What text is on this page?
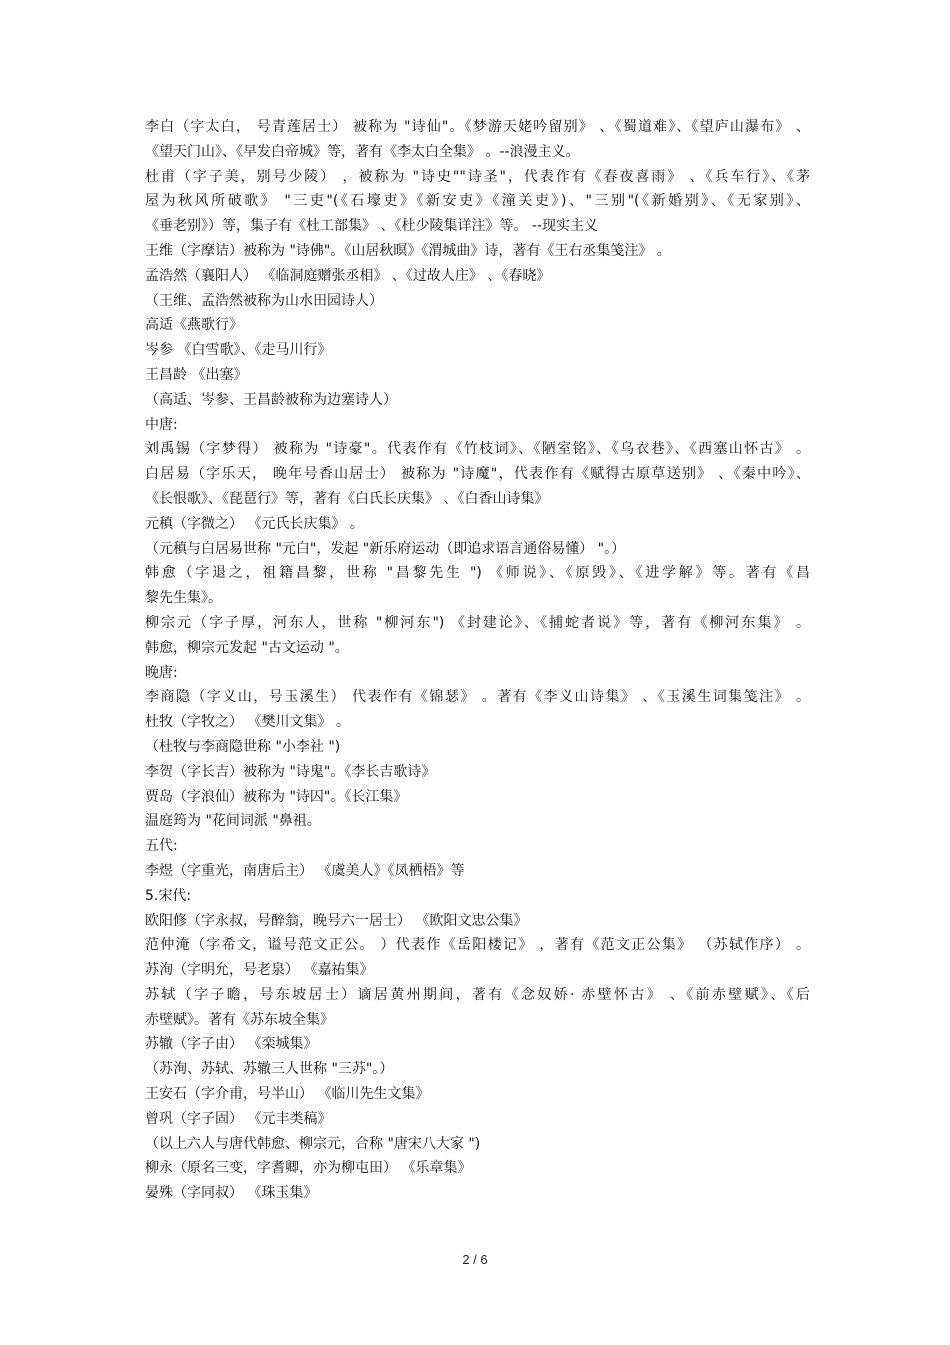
李白（字太白， 号青莲居士） 被称为 "诗仙"。《梦游天姥吟留别》 、《蜀道难》、《望庐山瀑布》 、
《望天门山》、《早发白帝城》等，著有《李太白全集》 。--浪漫主义。
杜甫（字子美，别号少陵） ，被称为 "诗史""诗圣"，代表作有《春夜喜雨》 、《兵车行》、《茅
屋为秋风所破歌》 "三吏"(《石壕吏》《新安吏》《潼关吏》)、"三别"(《新婚别》、《无家别》、
《垂老别》）等，集子有《杜工部集》 、《杜少陵集详注》等。 --现实主义
王维（字摩诘）被称为 "诗佛"。《山居秋暝》《渭城曲》诗，著有《王右丞集笺注》 。
孟浩然（襄阳人） 《临洞庭赠张丞相》 、《过故人庄》 、《春晓》
（王维、孟浩然被称为山水田园诗人）
高适《燕歌行》
岑参 《白雪歌》、《走马川行》
王昌龄 《出塞》
（高适、岑参、王昌龄被称为边塞诗人）
中唐:
刘禹锡（字梦得） 被称为 "诗豪"。代表作有《竹枝词》、《陋室铭》、《乌衣巷》、《西塞山怀古》 。
白居易（字乐天， 晚年号香山居士） 被称为 "诗魔"，代表作有《赋得古原草送别》 、《秦中吟》、
《长恨歌》、《琵琶行》等，著有《白氏长庆集》 、《白香山诗集》
元稹（字微之） 《元氏长庆集》 。
（元稹与白居易世称 "元白"，发起 "新乐府运动（即追求语言通俗易懂） "。）
韩愈（字退之，祖籍昌黎，世称 "昌黎先生 ") 《师说》、《原毁》、《进学解》等。著有《昌
黎先生集》。
柳宗元（字子厚，河东人，世称 "柳河东") 《封建论》、《捕蛇者说》等，著有《柳河东集》 。
韩愈，柳宗元发起 "古文运动 "。
晚唐:
李商隐（字义山，号玉溪生） 代表作有《锦瑟》 。著有《李义山诗集》 、《玉溪生词集笺注》 。
杜牧（字牧之） 《樊川文集》 。
（杜牧与李商隐世称 "小李社 ")
李贺（字长吉）被称为 "诗鬼"。《李长吉歌诗》
贾岛（字浪仙）被称为 "诗囚"。《长江集》
温庭筠为 "花间词派 "鼻祖。
五代:
李煜（字重光，南唐后主） 《虞美人》《凤栖梧》等
5.宋代:
欧阳修（字永叔，号醉翁，晚号六一居士） 《欧阳文忠公集》
范仲淹（字希文，谥号范文正公。 ）代表作《岳阳楼记》 ，著有《范文正公集》 （苏轼作序） 。
苏洵（字明允，号老泉） 《嘉祐集》
苏轼（字子瞻，号东坡居士）谪居黄州期间，著有《念奴娇· 赤壁怀古》 、《前赤壁赋》、《后
赤壁赋》。著有《苏东坡全集》
苏辙（字子由） 《栾城集》
（苏洵、苏轼、苏辙三人世称 "三苏"。）
王安石（字介甫，号半山） 《临川先生文集》
曾巩（字子固） 《元丰类稿》
（以上六人与唐代韩愈、柳宗元，合称 "唐宋八大家 ")
柳永（原名三变，字耆卿，亦为柳屯田） 《乐章集》
晏殊（字同叔） 《珠玉集》
2 / 6
